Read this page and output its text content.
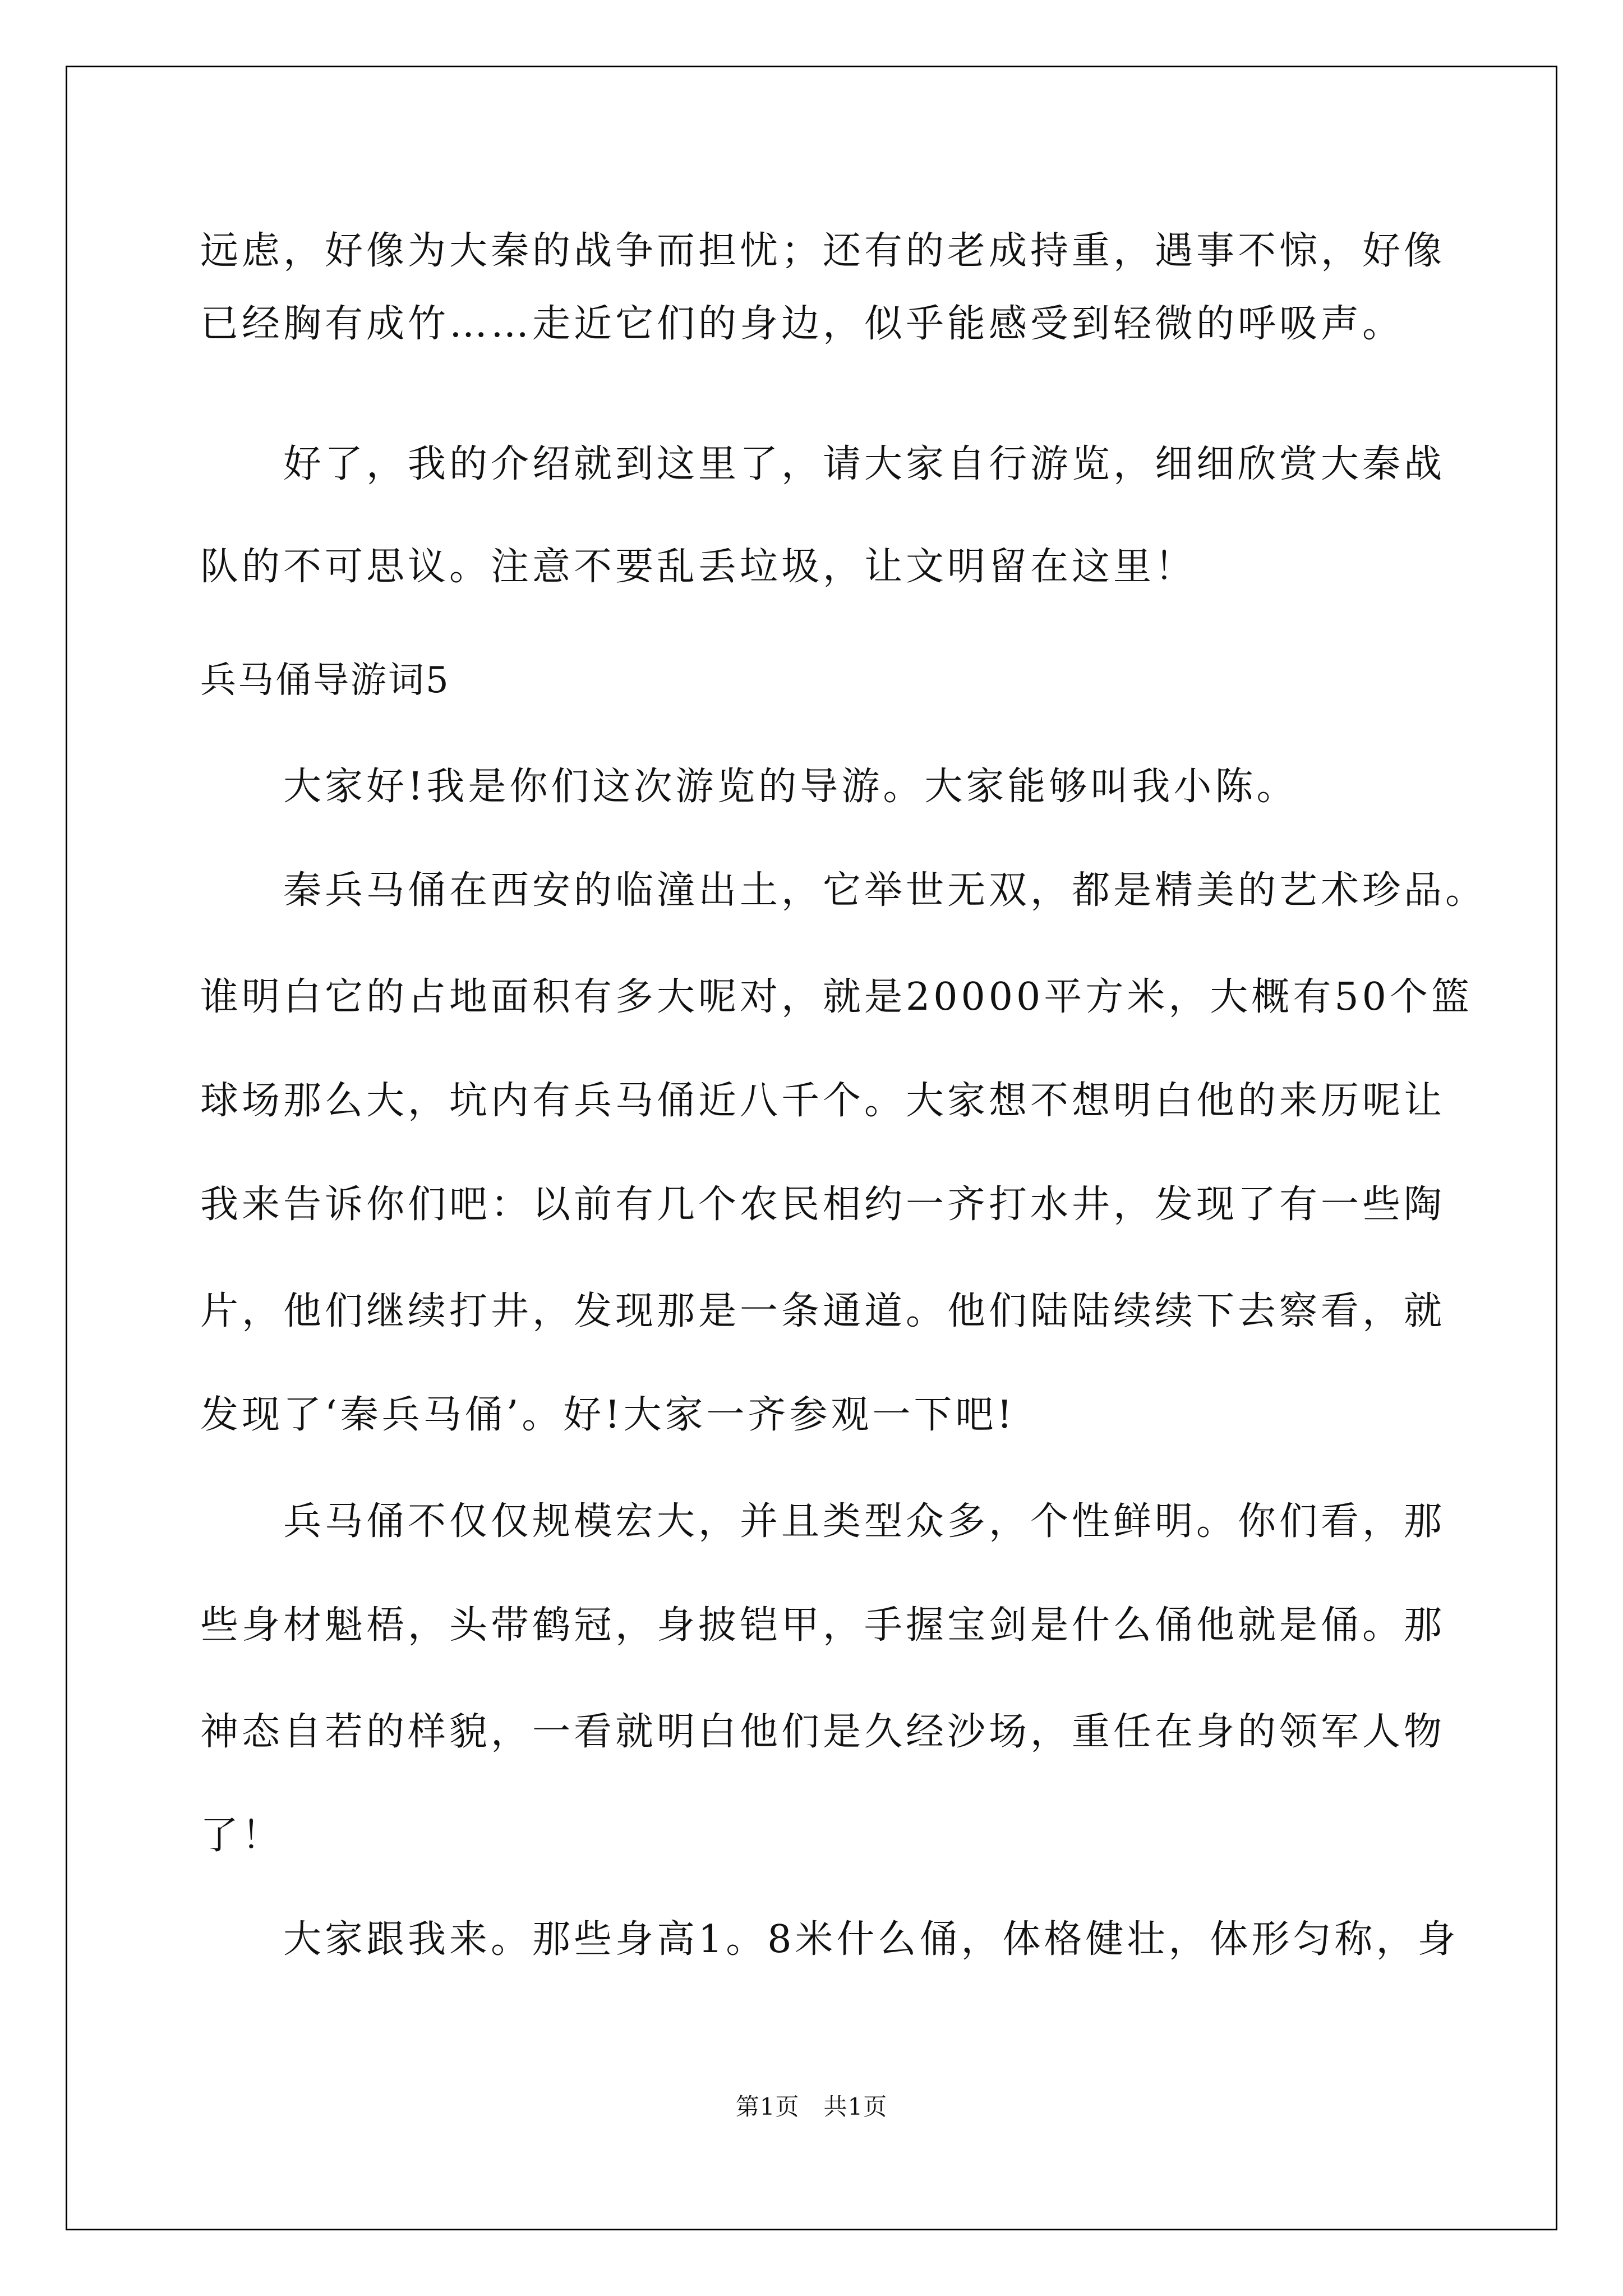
远虑，好像为大秦的战争而担忧；还有的老成持重，遇事不惊，好像
已经胸有成竹……走近它们的身边，似乎能感受到轻微的呼吸声。
　　好了，我的介绍就到这里了，请大家自行游览，细细欣赏大秦战
队的不可思议。注意不要乱丢垃圾，让文明留在这里！
兵马俑导游词5
　　大家好!我是你们这次游览的导游。大家能够叫我小陈。
　　秦兵马俑在西安的临潼出土，它举世无双，都是精美的艺术珍品。
谁明白它的占地面积有多大呢对，就是20000平方米，大概有50个篮
球场那么大，坑内有兵马俑近八千个。大家想不想明白他的来历呢让
我来告诉你们吧：以前有几个农民相约一齐打水井，发现了有一些陶
片，他们继续打井，发现那是一条通道。他们陆陆续续下去察看，就
发现了‘秦兵马俑’。好!大家一齐参观一下吧!
　　兵马俑不仅仅规模宏大，并且类型众多，个性鲜明。你们看，那
些身材魁梧，头带鹤冠，身披铠甲，手握宝剑是什么俑他就是俑。那
神态自若的样貌，一看就明白他们是久经沙场，重任在身的领军人物
了！
　　大家跟我来。那些身高1。8米什么俑，体格健壮，体形匀称，身
第1页　共1页
